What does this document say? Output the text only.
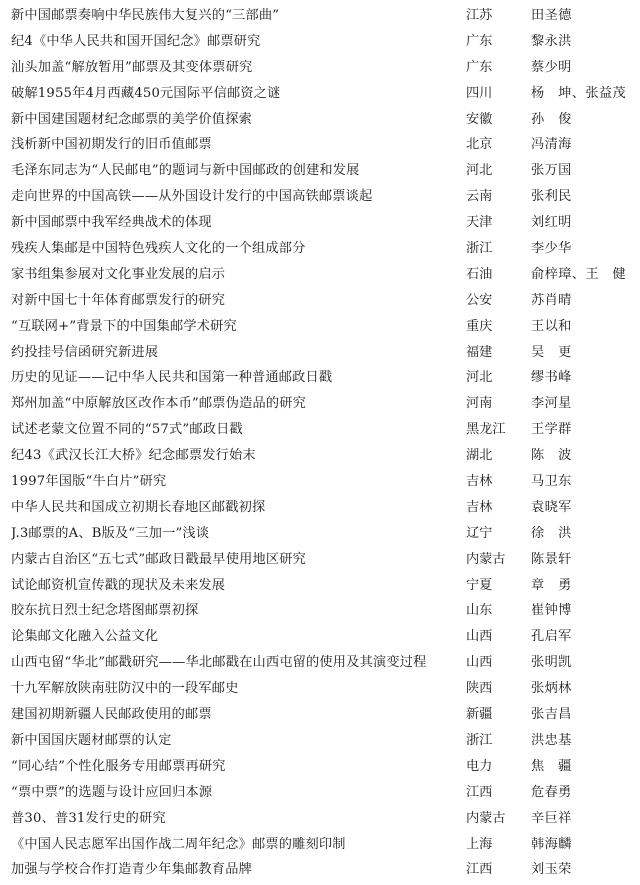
新中国邮票奏响中华民族伟大复兴的“三部曲”	江苏	田圣德
纪4《中华人民共和国开国纪念》邮票研究	广东	黎永洪
汕头加盖“解放暂用”邮票及其变体票研究	广东	蔡少明
破解1955年4月西藏450元国际平信邮资之谜	四川	杨　坤、张益茂
新中国建国题材纪念邮票的美学价值探索	安徽	孙　俊
浅析新中国初期发行的旧币值邮票	北京	冯清海
毛泽东同志为“人民邮电”的题词与新中国邮政的创建和发展	河北	张万国
走向世界的中国高铁——从外国设计发行的中国高铁邮票谈起	云南	张利民
新中国邮票中我军经典战术的体现	天津	刘红明
残疾人集邮是中国特色残疾人文化的一个组成部分	浙江	李少华
家书组集参展对文化事业发展的启示	石油	俞梓璋、王　健
对新中国七十年体育邮票发行的研究	公安	苏肖晴
“互联网+”背景下的中国集邮学术研究	重庆	王以和
约投挂号信函研究新进展	福建	吴　更
历史的见证——记中华人民共和国第一种普通邮政日戳	河北	缪书峰
郑州加盖“中原解放区改作本币”邮票伪造品的研究	河南	李河星
试述老蒙文位置不同的“57式”邮政日戳	黑龙江	王学群
纪43《武汉长江大桥》纪念邮票发行始末	湖北	陈　波
1997年国版“牛白片”研究	吉林	马卫东
中华人民共和国成立初期长春地区邮戳初探	吉林	袁晓军
J.3邮票的A、B版及“三加一”浅谈	辽宁	徐　洪
内蒙古自治区“五七式”邮政日戳最早使用地区研究	内蒙古	陈景轩
试论邮资机宣传戳的现状及未来发展	宁夏	章　勇
胶东抗日烈士纪念塔图邮票初探	山东	崔钟博
论集邮文化融入公益文化	山西	孔启军
山西屯留“华北”邮戳研究——华北邮戳在山西屯留的使用及其演变过程	山西	张明凯
十九军解放陕南驻防汉中的一段军邮史	陕西	张炳林
建国初期新疆人民邮政使用的邮票	新疆	张吉昌
新中国国庆题材邮票的认定	浙江	洪忠基
“同心结”个性化服务专用邮票再研究	电力	焦　疆
“票中票”的选题与设计应回归本源	江西	危春勇
普30、普31发行史的研究	内蒙古	辛巨祥
《中国人民志愿军出国作战二周年纪念》邮票的雕刻印制	上海	韩海麟
加强与学校合作打造青少年集邮教育品牌	江西	刘玉荣
